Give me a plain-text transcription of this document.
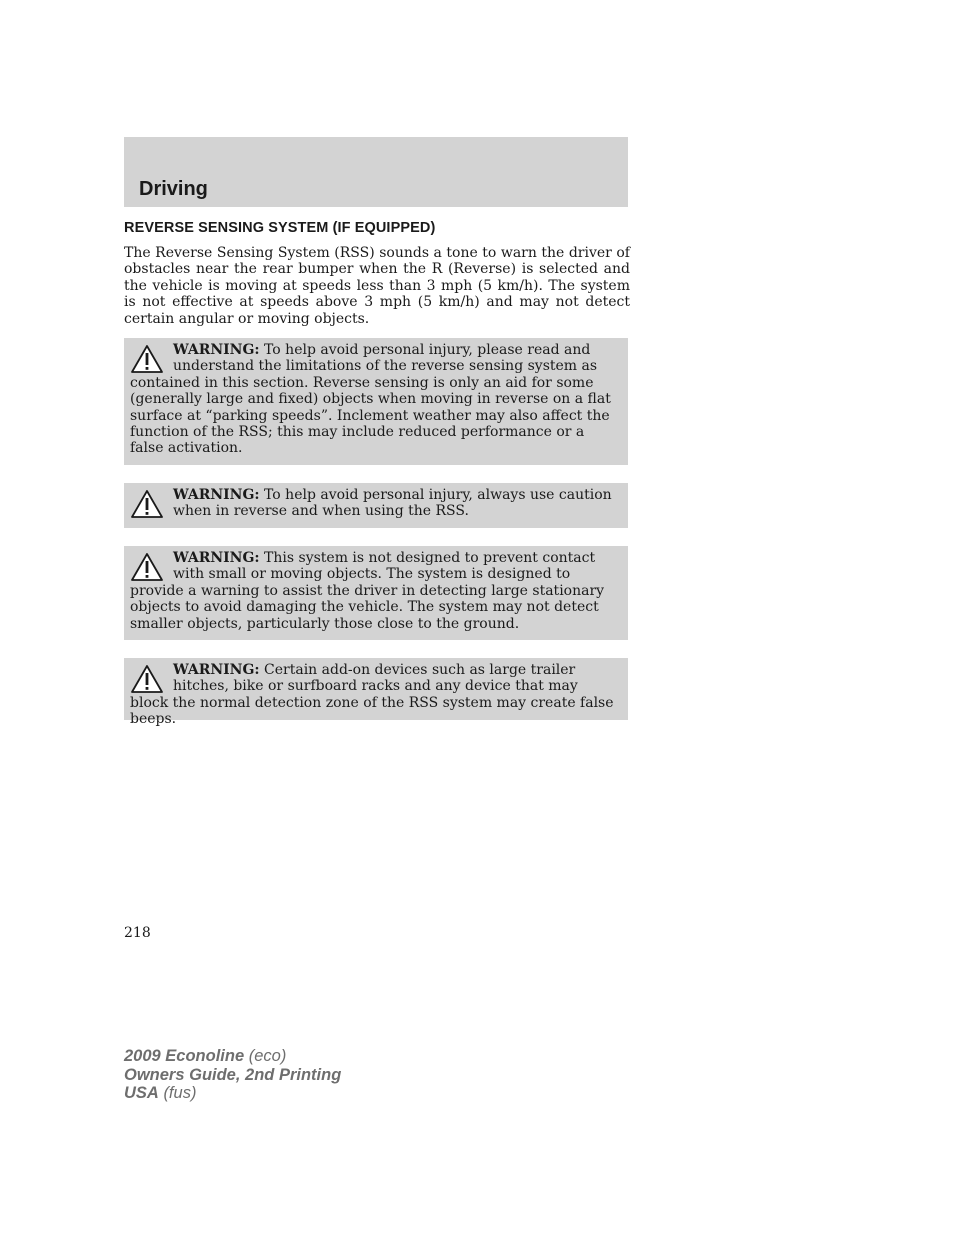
Driving
REVERSE SENSING SYSTEM (IF EQUIPPED)

The Reverse Sensing System (RSS) sounds a tone to warn the driver of obstacles near the rear bumper when the R (Reverse) is selected and the vehicle is moving at speeds less than 3 mph (5 km/h). The system is not effective at speeds above 3 mph (5 km/h) and may not detect certain angular or moving objects.

WARNING: To help avoid personal injury, please read and understand the limitations of the reverse sensing system as contained in this section. Reverse sensing is only an aid for some (generally large and fixed) objects when moving in reverse on a flat surface at “parking speeds”. Inclement weather may also affect the function of the RSS; this may include reduced performance or a false activation.
WARNING: To help avoid personal injury, always use caution when in reverse and when using the RSS.
WARNING: This system is not designed to prevent contact with small or moving objects. The system is designed to provide a warning to assist the driver in detecting large stationary objects to avoid damaging the vehicle. The system may not detect smaller objects, particularly those close to the ground.
WARNING: Certain add-on devices such as large trailer hitches, bike or surfboard racks and any device that may block the normal detection zone of the RSS system may create false beeps.
218
2009 Econoline (eco)
Owners Guide, 2nd Printing
USA (fus)
